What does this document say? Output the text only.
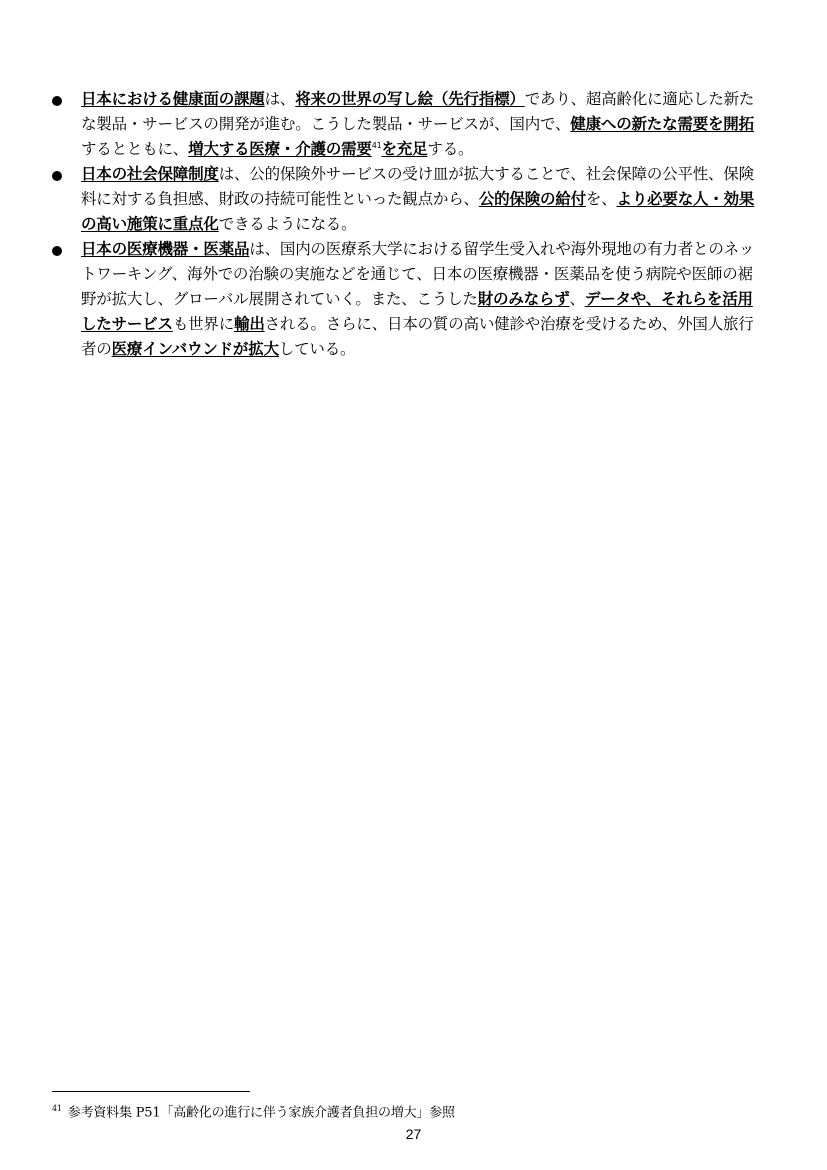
日本における健康面の課題は、将来の世界の写し絵（先行指標）であり、超高齢化に適応した新たな製品・サービスの開発が進む。こうした製品・サービスが、国内で、健康への新たな需要を開拓するとともに、増大する医療・介護の需要$^{41}$を充足する。
日本の社会保障制度は、公的保険外サービスの受け皿が拡大することで、社会保障の公平性、保険料に対する負担感、財政の持続可能性といった観点から、公的保険の給付を、より必要な人・効果の高い施策に重点化できるようになる。
日本の医療機器・医薬品は、国内の医療系大学における留学生受入れや海外現地の有力者とのネットワーキング、海外での治験の実施などを通じて、日本の医療機器・医薬品を使う病院や医師の裾野が拡大し、グローバル展開されていく。また、こうした財のみならず、データや、それらを活用したサービスも世界に輸出される。さらに、日本の質の高い健診や治療を受けるため、外国人旅行者の医療インバウンドが拡大している。
$^{41}$ 参考資料集 P51「高齢化の進行に伴う家族介護者負担の増大」参照
27
